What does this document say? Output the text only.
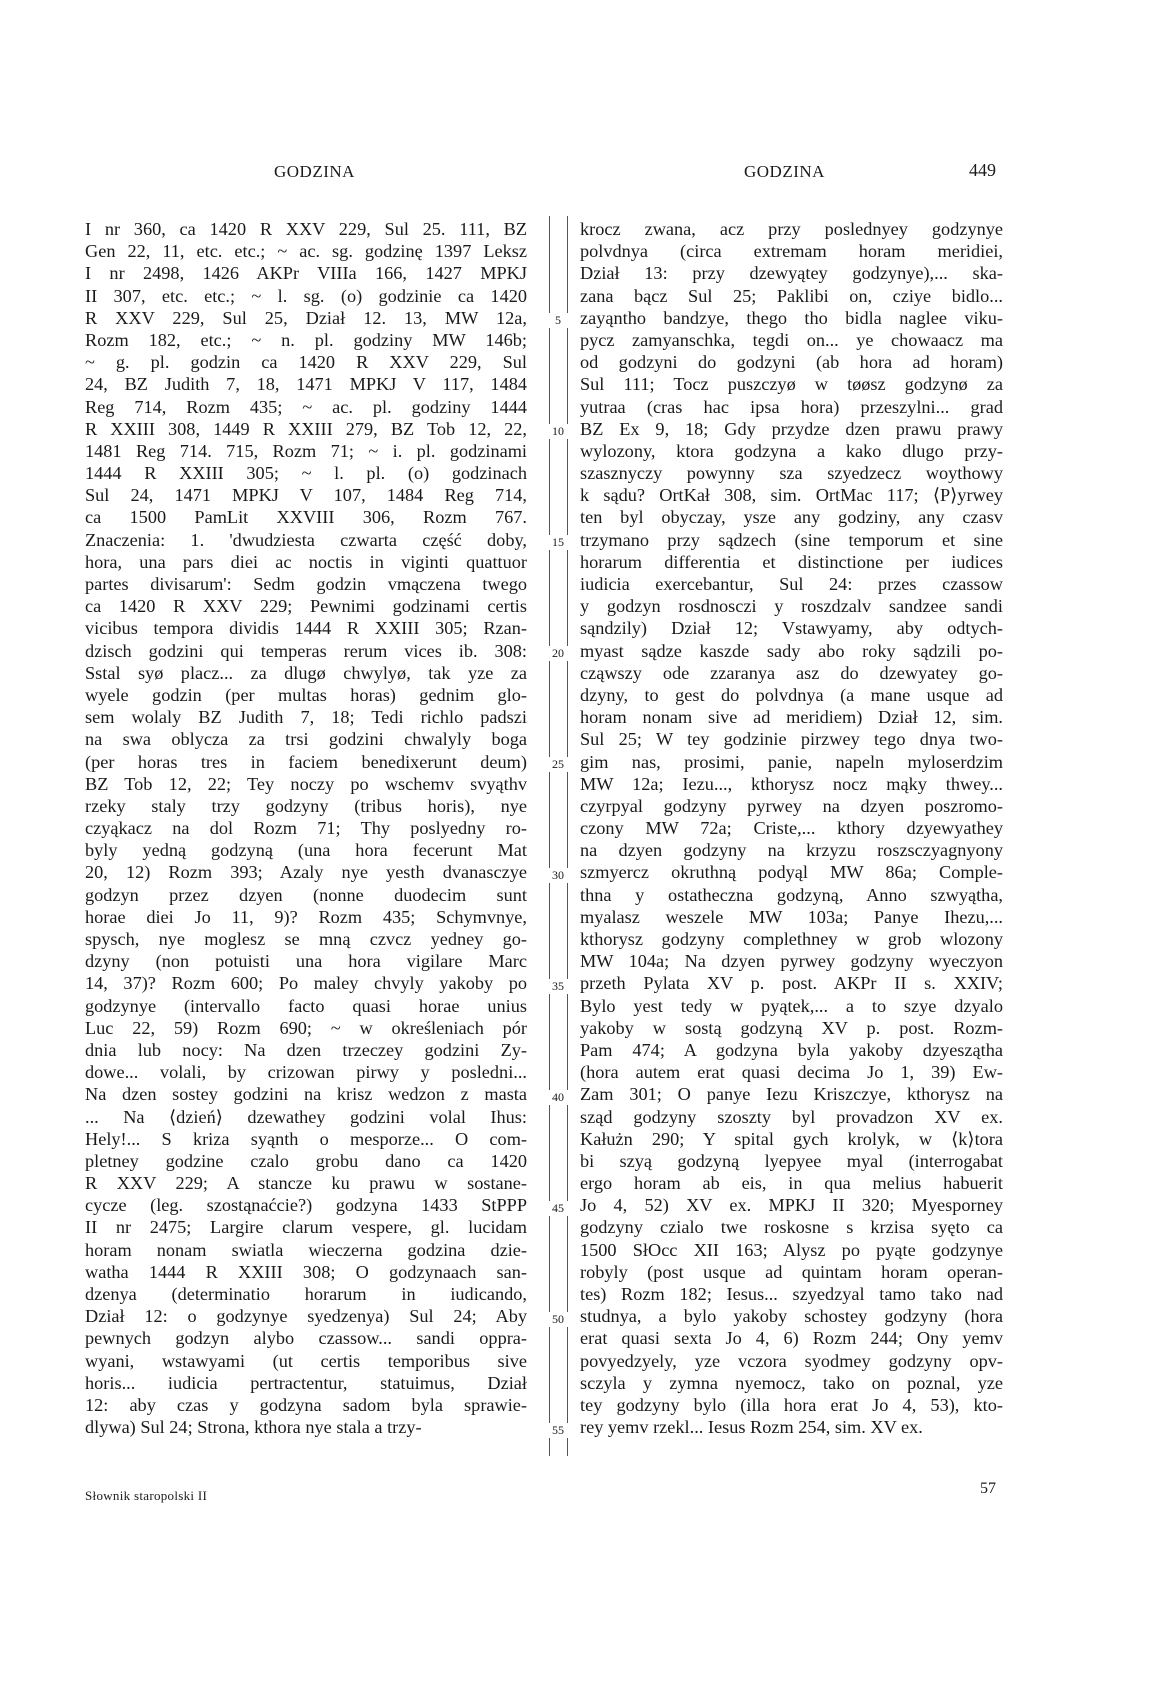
GODZINA	GODZINA	449
I nr 360, ca 1420 R XXV 229, Sul 25. 111, BZ
Gen 22, 11, etc. etc.; ~ ac. sg. godzinę 1397 Leksz
I nr 2498, 1426 AKPr VIIIa 166, 1427 MPKJ
II 307, etc. etc.; ~ l. sg. (o) godzinie ca 1420
R XXV 229, Sul 25, Dział 12. 13, MW 12a,
Rozm 182, etc.; ~ n. pl. godziny MW 146b;
~ g. pl. godzin ca 1420 R XXV 229, Sul
24, BZ Judith 7, 18, 1471 MPKJ V 117, 1484
Reg 714, Rozm 435; ~ ac. pl. godziny 1444
R XXIII 308, 1449 R XXIII 279, BZ Tob 12, 22,
1481 Reg 714. 715, Rozm 71; ~ i. pl. godzinami
1444 R XXIII 305; ~ l. pl. (o) godzinach
Sul 24, 1471 MPKJ V 107, 1484 Reg 714,
ca 1500 PamLit XXVIII 306, Rozm 767.
Znaczenia: 1. 'dwudziesta czwarta część doby,
hora, una pars diei ac noctis in viginti quattuor
partes divisarum': Sedm godzin vmączena twego
ca 1420 R XXV 229; Pewnimi godzinami certis
vicibus tempora dividis 1444 R XXIII 305; Rzan-
dzisch godzini qui temperas rerum vices ib. 308:
Sstal syø placz... za dlugø chwylyø, tak yze za
wyele godzin (per multas horas) gednim glo-
sem wolaly BZ Judith 7, 18; Tedi richlo padszi
na swa oblycza za trsi godzini chwalyly boga
(per horas tres in faciem benedixerunt deum)
BZ Tob 12, 22; Tey noczy po wschemv svyąthv
rzeky staly trzy godzyny (tribus horis), nye
czyąkacz na dol Rozm 71; Thy poslyedny ro-
byly yedną godzyną (una hora fecerunt Mat
20, 12) Rozm 393; Azaly nye yesth dvanasczye
godzyn przez dzyen (nonne duodecim sunt
horae diei Jo 11, 9)? Rozm 435; Schymvnye,
spysch, nye moglesz se mną czvcz yedney go-
dzyny (non potuisti una hora vigilare Marc
14, 37)? Rozm 600; Po maley chvyly yakoby po
godzynye (intervallo facto quasi horae unius
Luc 22, 59) Rozm 690; ~ w określeniach pór
dnia lub nocy: Na dzen trzeczey godzini Zy-
dowe... volali, by crizowan pirwy y posledni...
Na dzen sostey godzini na krisz wedzon z masta
... Na ⟨dzień⟩ dzewathey godzini volal Ihus:
Hely!... S kriza syąnth o mesporze... O com-
pletney godzine czalo grobu dano ca 1420
R XXV 229; A stancze ku prawu w sostane-
cycze (leg. szostąnaćcie?) godzyna 1433 StPPP
II nr 2475; Largire clarum vespere, gl. lucidam
horam nonam swiatla wieczerna godzina dzie-
watha 1444 R XXIII 308; O godzynaach san-
dzenya (determinatio horarum in iudicando,
Dział 12: o godzynye syedzenya) Sul 24; Aby
pewnych godzyn alybo czassow... sandi oppra-
wyani, wstawyami (ut certis temporibus sive
horis... iudicia pertractentur, statuimus, Dział
12: aby czas y godzyna sadom byla sprawie-
dlywa) Sul 24; Strona, kthora nye stala a trzy-
5
10
15
20
25
30
35
40
45
50
55
krocz zwana, acz przy poslednyey godzynye
polvdnya (circa extremam horam meridiei,
Dział 13: przy dzewyątey godzynye),... ska-
zana bącz Sul 25; Paklibi on, cziye bidlo...
zayąntho bandzye, thego tho bidla naglee viku-
pycz zamyanschka, tegdi on... ye chowaacz ma
od godzyni do godzyni (ab hora ad horam)
Sul 111; Tocz puszczyø w tøøsz godzynø za
yutraa (cras hac ipsa hora) przeszylni... grad
BZ Ex 9, 18; Gdy przydze dzen prawu prawy
wylozony, ktora godzyna a kako dlugo przy-
szasznyczy powynny sza szyedzecz woythowy
k sądu? OrtKał 308, sim. OrtMac 117; ⟨P⟩yrwey
ten byl obyczay, ysze any godziny, any czasv
trzymano przy sądzech (sine temporum et sine
horarum differentia et distinctione per iudices
iudicia exercebantur, Sul 24: przes czassow
y godzyn rosdnosczi y roszdzalv sandzee sandi
sąndzily) Dział 12; Vstawyamy, aby odtych-
myast sądze kaszde sady abo roky sądzili po-
cząwszy ode zzaranya asz do dzewyatey go-
dzyny, to gest do polvdnya (a mane usque ad
horam nonam sive ad meridiem) Dział 12, sim.
Sul 25; W tey godzinie pirzwey tego dnya two-
gim nas, prosimi, panie, napeln myloserdzim
MW 12a; Iezu..., kthorysz nocz mąky thwey...
czyrpyal godzyny pyrwey na dzyen poszromo-
czony MW 72a; Criste,... kthory dzyewyathey
na dzyen godzyny na krzyzu roszsczyagnyony
szmyercz okruthną podyąl MW 86a; Comple-
thna y ostatheczna godzyną, Anno szwyątha,
myalasz weszele MW 103a; Panye Ihezu,...
kthorysz godzyny complethney w grob wlozony
MW 104a; Na dzyen pyrwey godzyny wyeczyon
przeth Pylata XV p. post. AKPr II s. XXIV;
Bylo yest tedy w pyątek,... a to szye dzyalo
yakoby w sostą godzyną XV p. post. Rozm-
Pam 474; A godzyna byla yakoby dzyeszątha
(hora autem erat quasi decima Jo 1, 39) Ew-
Zam 301; O panye Iezu Kriszczye, kthorysz na
sząd godzyny szoszty byl provadzon XV ex.
Kałużn 290; Y spital gych krolyk, w ⟨k⟩tora
bi szyą godzyną lyepyee myal (interrogabat
ergo horam ab eis, in qua melius habuerit
Jo 4, 52) XV ex. MPKJ II 320; Myesporney
godzyny czialo twe roskosne s krzisa syęto ca
1500 SłOcc XII 163; Alysz po pyąte godzynye
robyly (post usque ad quintam horam operan-
tes) Rozm 182; Iesus... szyedzyal tamo tako nad
studnya, a bylo yakoby schostey godzyny (hora
erat quasi sexta Jo 4, 6) Rozm 244; Ony yemv
povyedzyely, yze vczora syodmey godzyny opv-
sczyla y zymna nyemocz, tako on poznal, yze
tey godzyny bylo (illa hora erat Jo 4, 53), kto-
rey yemv rzekl... Iesus Rozm 254, sim. XV ex.
Słownik staropolski II	57
